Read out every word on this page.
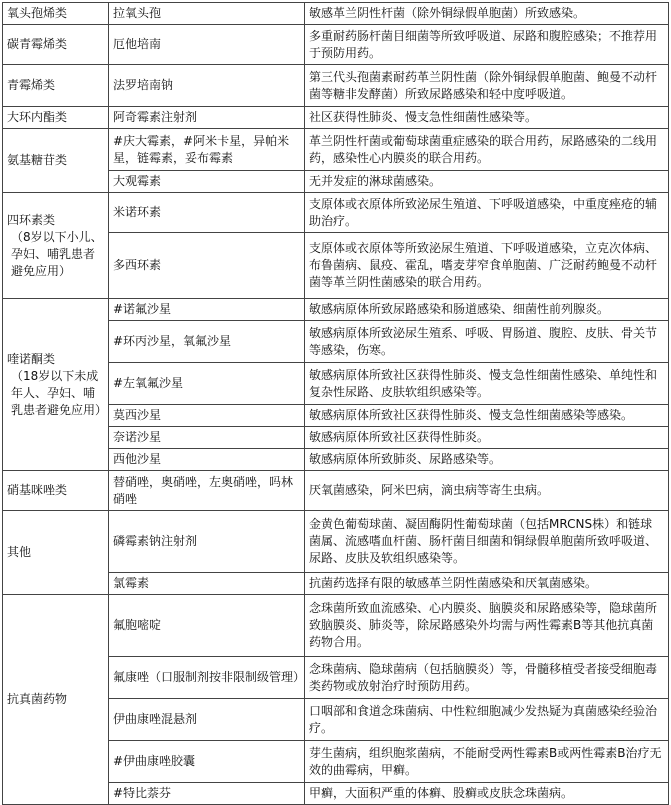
氧头孢烯类	拉氧头孢	敏感革兰阴性杆菌（除外铜绿假单胞菌）所致感染。

碳青霉烯类	厄他培南	多重耐药肠杆菌目细菌等所致呼吸道、尿路和腹腔感染；不推荐用于预防用药。

青霉烯类	法罗培南钠	第三代头孢菌素耐药革兰阴性菌（除外铜绿假单胞菌、鲍曼不动杆菌等糖非发酵菌）所致尿路感染和轻中度呼吸道。

大环内酯类	阿奇霉素注射剂	社区获得性肺炎、慢支急性细菌性感染等。

氨基糖苷类	#庆大霉素，#阿米卡星，异帕米星，链霉素，妥布霉素	革兰阴性杆菌或葡萄球菌重症感染的联合用药，尿路感染的二线用药，感染性心内膜炎的联合用药。
	大观霉素	无并发症的淋球菌感染。

四环素类
（8岁以下小儿、孕妇、哺乳患者避免应用）	米诺环素	支原体或衣原体所致泌尿生殖道、下呼吸道感染，中重度痤疮的辅助治疗。
	多西环素	支原体或衣原体等所致泌尿生殖道、下呼吸道感染，立克次体病、布鲁菌病、鼠疫、霍乱，嗜麦芽窄食单胞菌、广泛耐药鲍曼不动杆菌等革兰阴性菌感染的联合用药。

喹诺酮类
（18岁以下未成年人、孕妇、哺乳患者避免应用）	#诺氟沙星	敏感病原体所致尿路感染和肠道感染、细菌性前列腺炎。
	#环丙沙星，氧氟沙星	敏感病原体所致泌尿生殖系、呼吸、胃肠道、腹腔、皮肤、骨关节等感染，伤寒。
	#左氧氟沙星	敏感病原体所致社区获得性肺炎、慢支急性细菌性感染、单纯性和复杂性尿路、皮肤软组织感染等。
	莫西沙星	敏感病原体所致社区获得性肺炎、慢支急性细菌感染等感染。
	奈诺沙星	敏感病原体所致社区获得性肺炎。
	西他沙星	敏感病原体所致肺炎、尿路感染等。

硝基咪唑类	替硝唑，奥硝唑，左奥硝唑，吗林硝唑	厌氧菌感染，阿米巴病，滴虫病等寄生虫病。

其他	磷霉素钠注射剂	金黄色葡萄球菌、凝固酶阴性葡萄球菌（包括MRCNS株）和链球菌属、流感嗜血杆菌、肠杆菌目细菌和铜绿假单胞菌所致呼吸道、尿路、皮肤及软组织感染等。
	氯霉素	抗菌药选择有限的敏感革兰阴性菌感染和厌氧菌感染。

抗真菌药物	氟胞嘧啶	念珠菌所致血流感染、心内膜炎、脑膜炎和尿路感染等，隐球菌所致脑膜炎、肺炎等，除尿路感染外均需与两性霉素B等其他抗真菌药物合用。
	氟康唑（口服制剂按非限制级管理）	念珠菌病、隐球菌病（包括脑膜炎）等，骨髓移植受者接受细胞毒类药物或放射治疗时预防用药。
	伊曲康唑混悬剂	口咽部和食道念珠菌病、中性粒细胞减少发热疑为真菌感染经验治疗。
	#伊曲康唑胶囊	芽生菌病，组织胞浆菌病，不能耐受两性霉素B或两性霉素B治疗无效的曲霉病，甲癣。
	#特比萘芬	甲癣，大面积严重的体癣、股癣或皮肤念珠菌病。
